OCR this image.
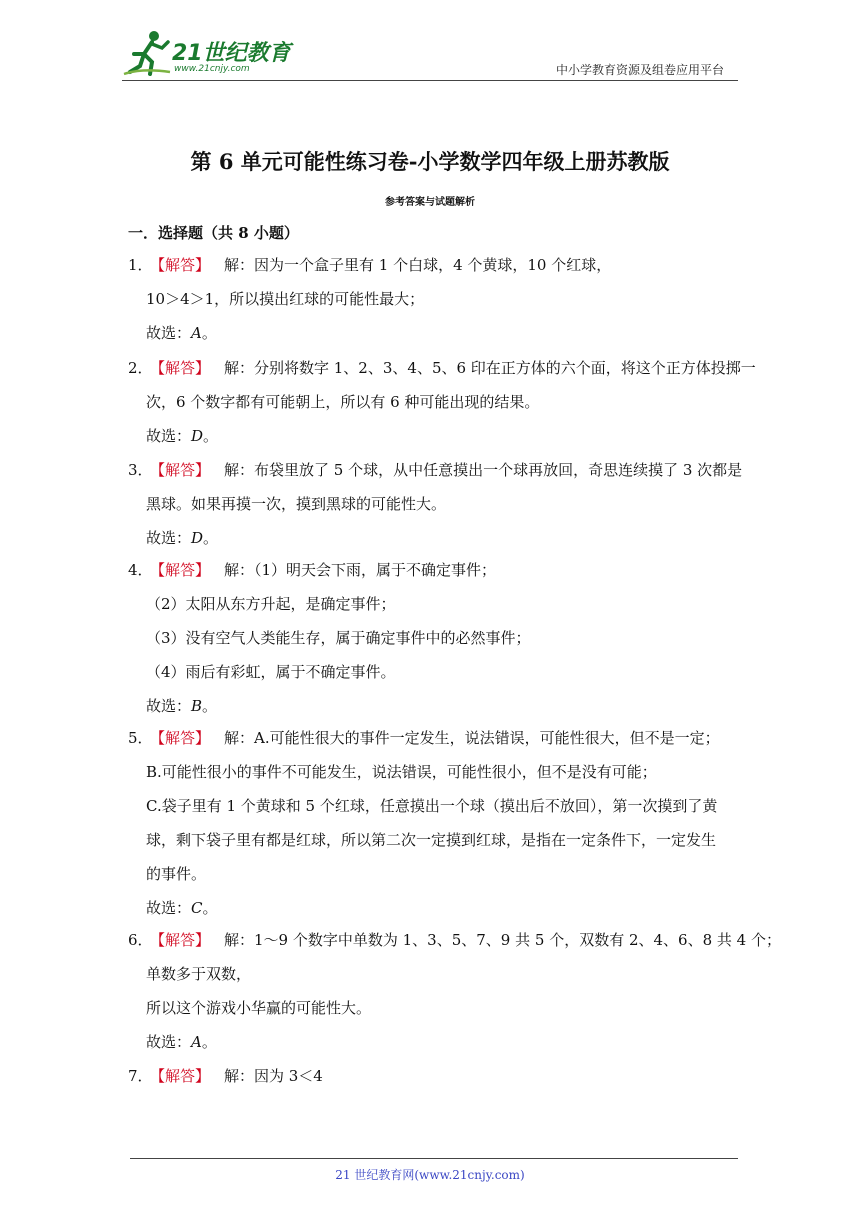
21世纪教育
www.21cnjy.com	中小学教育资源及组卷应用平台
第 6 单元可能性练习卷-小学数学四年级上册苏教版
参考答案与试题解析
一．选择题（共 8 小题）
1．
【解答】 解：因为一个盒子里有 1 个白球，4 个黄球，10 个红球，
10＞4＞1，所以摸出红球的可能性最大；
故选：A。
2．
【解答】 解：分别将数字 1、2、3、4、5、6 印在正方体的六个面，将这个正方体投掷一
次，6 个数字都有可能朝上，所以有 6 种可能出现的结果。
故选：D。
3．
【解答】 解：布袋里放了 5 个球，从中任意摸出一个球再放回，奇思连续摸了 3 次都是
黑球。如果再摸一次，摸到黑球的可能性大。
故选：D。
4．
【解答】 解：（1）明天会下雨，属于不确定事件；
（2）太阳从东方升起，是确定事件；
（3）没有空气人类能生存，属于确定事件中的必然事件；
（4）雨后有彩虹，属于不确定事件。
故选：B。
5．
【解答】 解：A.可能性很大的事件一定发生，说法错误，可能性很大，但不是一定；
B.可能性很小的事件不可能发生，说法错误，可能性很小，但不是没有可能；
C.袋子里有 1 个黄球和 5 个红球，任意摸出一个球（摸出后不放回），第一次摸到了黄
球，剩下袋子里有都是红球，所以第二次一定摸到红球，是指在一定条件下，一定发生
的事件。
故选：C。
6．
【解答】 解：1～9 个数字中单数为 1、3、5、7、9 共 5 个，双数有 2、4、6、8 共 4 个；
单数多于双数，
所以这个游戏小华赢的可能性大。
故选：A。
7．
【解答】 解：因为 3＜4
21 世纪教育网(www.21cnjy.com)
